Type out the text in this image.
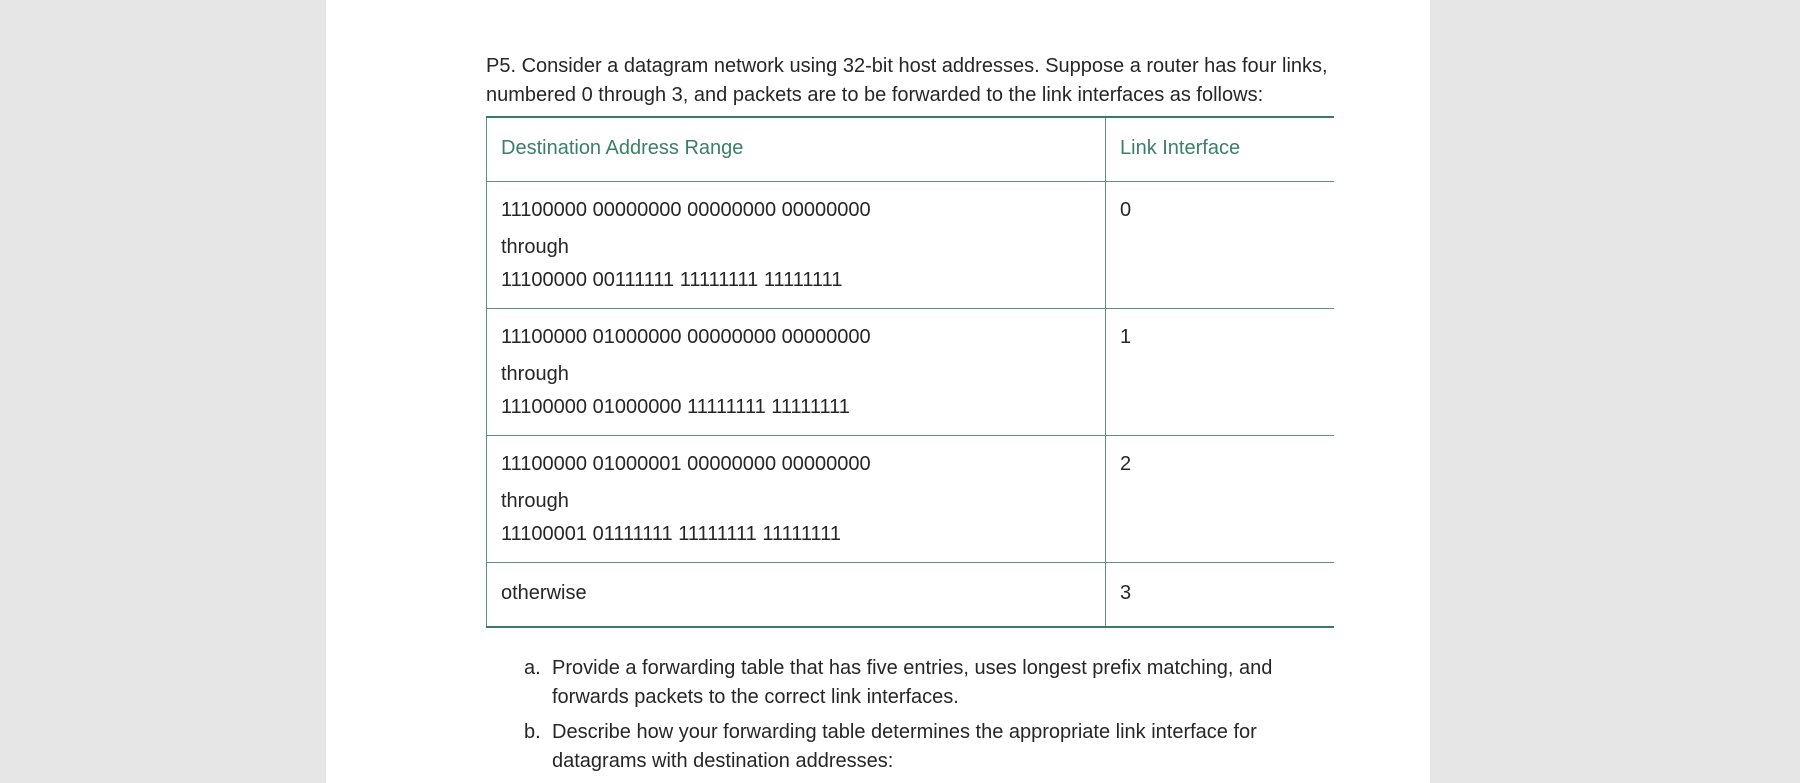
P5. Consider a datagram network using 32-bit host addresses. Suppose a router has four links,
numbered 0 through 3, and packets are to be forwarded to the link interfaces as follows:

Destination Address Range	Link Interface

11100000 00000000 00000000 00000000
through
11100000 00111111 11111111 11111111	0

11100000 01000000 00000000 00000000
through
11100000 01000000 11111111 11111111	1

11100000 01000001 00000000 00000000
through
11100001 01111111 11111111 11111111	2

otherwise	3
a. Provide a forwarding table that has five entries, uses longest prefix matching, and
forwards packets to the correct link interfaces.
b. Describe how your forwarding table determines the appropriate link interface for
datagrams with destination addresses:
